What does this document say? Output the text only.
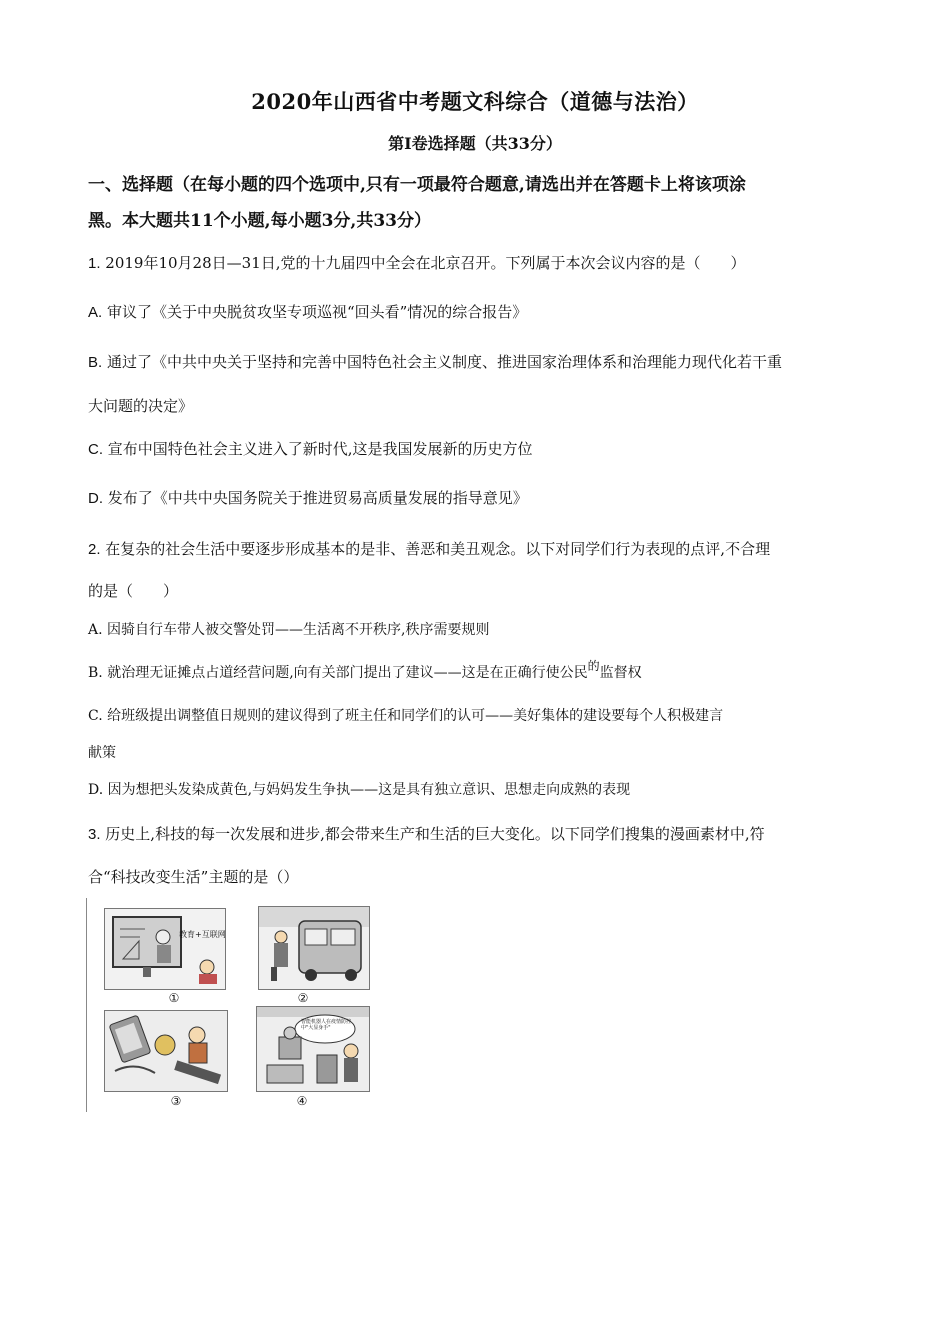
2020年山西省中考题文科综合（道德与法治）
第Ⅰ卷选择题（共33分）
一、选择题（在每小题的四个选项中,只有一项最符合题意,请选出并在答题卡上将该项涂
黑。本大题共11个小题,每小题3分,共33分）
1. 2019年10月28日—31日,党的十九届四中全会在北京召开。下列属于本次会议内容的是（　　）
A. 审议了《关于中央脱贫攻坚专项巡视“回头看”情况的综合报告》
B. 通过了《中共中央关于坚持和完善中国特色社会主义制度、推进国家治理体系和治理能力现代化若干重
大问题的决定》
C. 宣布中国特色社会主义进入了新时代,这是我国发展新的历史方位
D. 发布了《中共中央国务院关于推进贸易高质量发展的指导意见》
2. 在复杂的社会生活中要逐步形成基本的是非、善恶和美丑观念。以下对同学们行为表现的点评,不合理
的是（　　）
A. 因骑自行车带人被交警处罚——生活离不开秩序,秩序需要规则
B. 就治理无证摊点占道经营问题,向有关部门提出了建议——这是在正确行使公民的监督权
C. 给班级提出调整值日规则的建议得到了班主任和同学们的认可——美好集体的建设要每个人积极建言
献策
D. 因为想把头发染成黄色,与妈妈发生争执——这是具有独立意识、思想走向成熟的表现
3. 历史上,科技的每一次发展和进步,都会带来生产和生活的巨大变化。以下同学们搜集的漫画素材中,符
合“科技改变生活”主题的是（）
教育+互联网
①	②
③
智能机器人在疫情防控中"大显身手"
④
